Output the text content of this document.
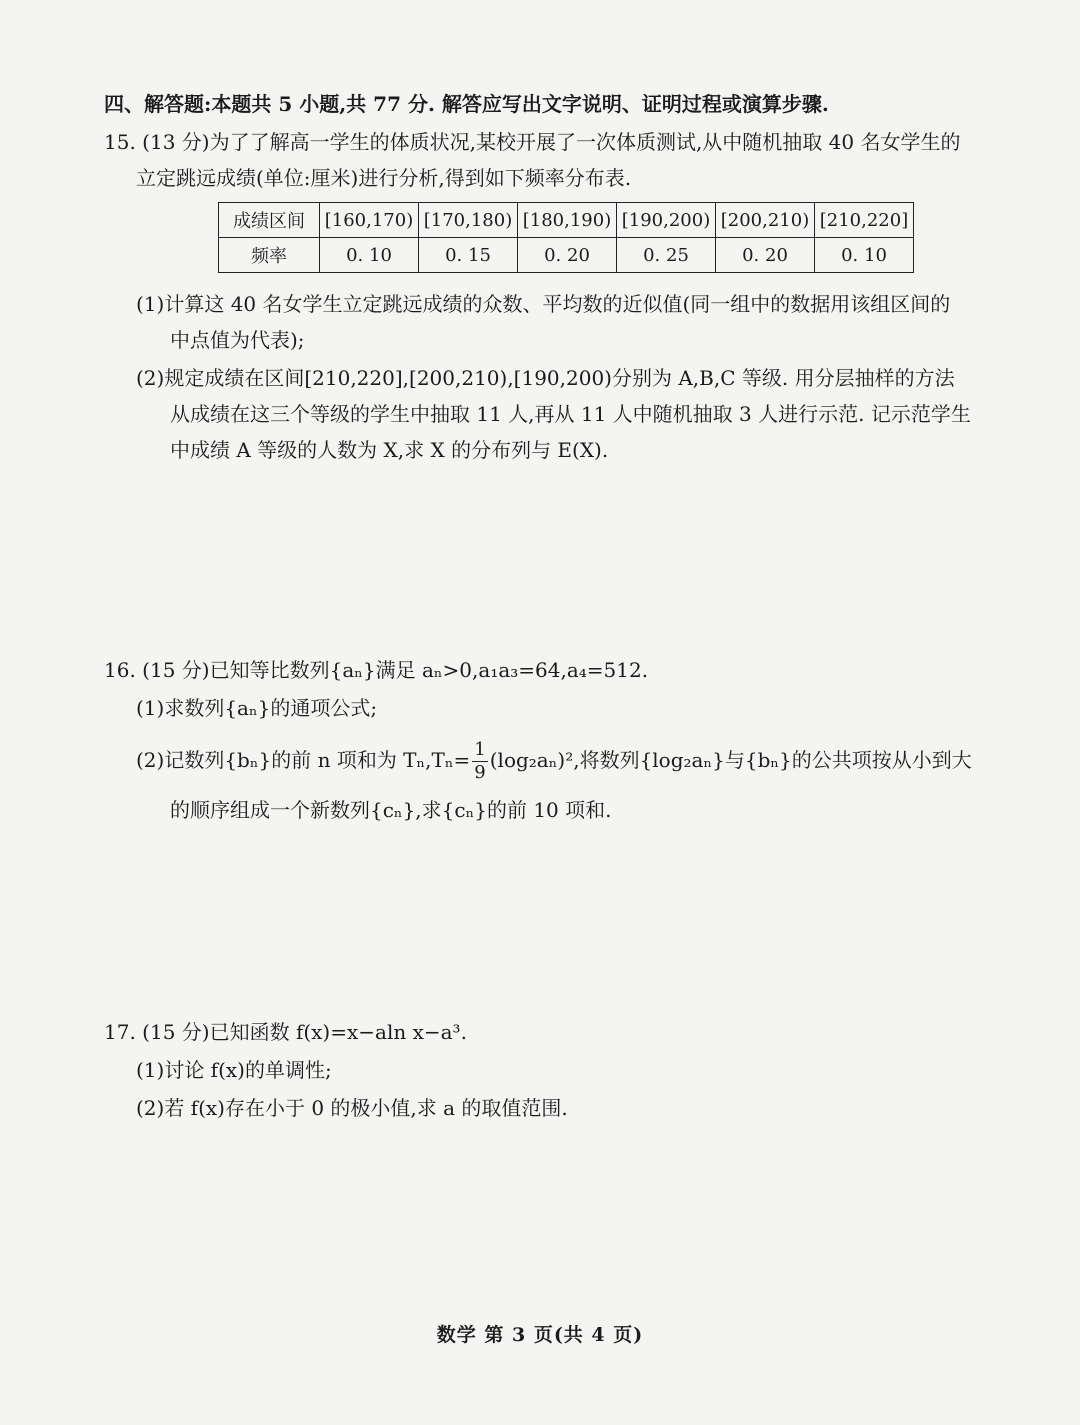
四、解答题:本题共 5 小题,共 77 分. 解答应写出文字说明、证明过程或演算步骤.
15. (13 分)为了了解高一学生的体质状况,某校开展了一次体质测试,从中随机抽取 40 名女学生的
立定跳远成绩(单位:厘米)进行分析,得到如下频率分布表.
成绩区间	[160,170)	[170,180)	[180,190)	[190,200)	[200,210)	[210,220]
频率	0. 10	0. 15	0. 20	0. 25	0. 20	0. 10
(1)计算这 40 名女学生立定跳远成绩的众数、平均数的近似值(同一组中的数据用该组区间的
中点值为代表);
(2)规定成绩在区间[210,220],[200,210),[190,200)分别为 A,B,C 等级. 用分层抽样的方法
从成绩在这三个等级的学生中抽取 11 人,再从 11 人中随机抽取 3 人进行示范. 记示范学生
中成绩 A 等级的人数为 X,求 X 的分布列与 E(X).
16. (15 分)已知等比数列{aₙ}满足 aₙ>0,a₁a₃=64,a₄=512.
(1)求数列{aₙ}的通项公式;
(2)记数列{bₙ}的前 n 项和为 $T_n,T_n= \frac{1}{9} (\log_2a_n)^2$,将数列{log₂aₙ}与{bₙ}的公共项按从小到大
的顺序组成一个新数列{cₙ},求{cₙ}的前 10 项和.
17. (15 分)已知函数 f(x)=x−aln x−a³.
(1)讨论 f(x)的单调性;
(2)若 f(x)存在小于 0 的极小值,求 a 的取值范围.
数学 第 3 页(共 4 页)
